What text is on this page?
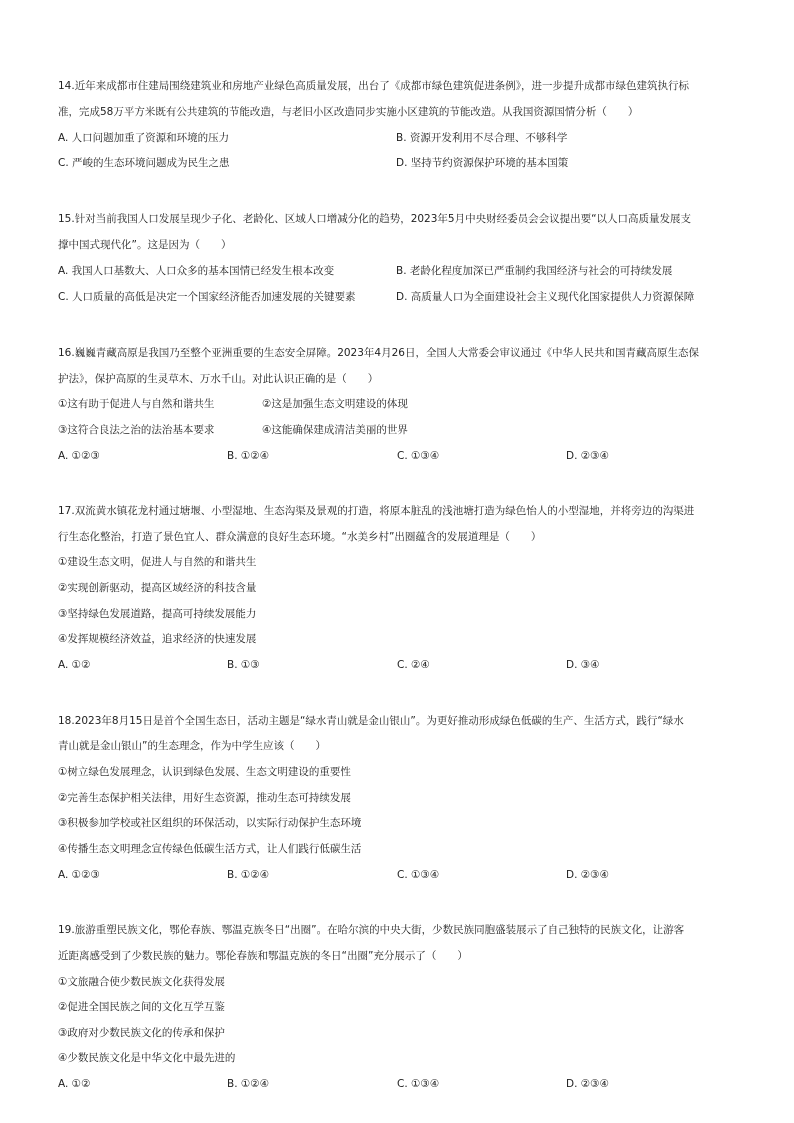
14.近年来成都市住建局围绕建筑业和房地产业绿色高质量发展，出台了《成都市绿色建筑促进条例》，进一步提升成都市绿色建筑执行标
准，完成58万平方米既有公共建筑的节能改造，与老旧小区改造同步实施小区建筑的节能改造。从我国资源国情分析（　　）
A. 人口问题加重了资源和环境的压力	B. 资源开发利用不尽合理、不够科学
C. 严峻的生态环境问题成为民生之患	D. 坚持节约资源保护环境的基本国策
15.针对当前我国人口发展呈现少子化、老龄化、区域人口增减分化的趋势，2023年5月中央财经委员会会议提出要“以人口高质量发展支
撑中国式现代化”。这是因为（　　）
A. 我国人口基数大、人口众多的基本国情已经发生根本改变	B. 老龄化程度加深已严重制约我国经济与社会的可持续发展
C. 人口质量的高低是决定一个国家经济能否加速发展的关键要素	D. 高质量人口为全面建设社会主义现代化国家提供人力资源保障
16.巍巍青藏高原是我国乃至整个亚洲重要的生态安全屏障。2023年4月26日，全国人大常委会审议通过《中华人民共和国青藏高原生态保
护法》，保护高原的生灵草木、万水千山。对此认识正确的是（　　）
①这有助于促进人与自然和谐共生	②这是加强生态文明建设的体现
③这符合良法之治的法治基本要求	④这能确保建成清洁美丽的世界
A. ①②③	B. ①②④	C. ①③④	D. ②③④
17.双流黄水镇花龙村通过塘堰、小型湿地、生态沟渠及景观的打造，将原本脏乱的浅池塘打造为绿色怡人的小型湿地，并将旁边的沟渠进
行生态化整治，打造了景色宜人、群众满意的良好生态环境。“水美乡村”出圈蕴含的发展道理是（　　）
①建设生态文明，促进人与自然的和谐共生
②实现创新驱动，提高区域经济的科技含量
③坚持绿色发展道路，提高可持续发展能力
④发挥规模经济效益，追求经济的快速发展
A. ①②	B. ①③	C. ②④	D. ③④
18.2023年8月15日是首个全国生态日，活动主题是“绿水青山就是金山银山”。为更好推动形成绿色低碳的生产、生活方式，践行“绿水
青山就是金山银山”的生态理念，作为中学生应该（　　）
①树立绿色发展理念，认识到绿色发展、生态文明建设的重要性
②完善生态保护相关法律，用好生态资源，推动生态可持续发展
③积极参加学校或社区组织的环保活动，以实际行动保护生态环境
④传播生态文明理念宣传绿色低碳生活方式，让人们践行低碳生活
A. ①②③	B. ①②④	C. ①③④	D. ②③④
19.旅游重塑民族文化，鄂伦春族、鄂温克族冬日“出圈”。在哈尔滨的中央大街，少数民族同胞盛装展示了自己独特的民族文化，让游客
近距离感受到了少数民族的魅力。鄂伦春族和鄂温克族的冬日“出圈”充分展示了（　　）
①文旅融合使少数民族文化获得发展
②促进全国民族之间的文化互学互鉴
③政府对少数民族文化的传承和保护
④少数民族文化是中华文化中最先进的
A. ①②	B. ①②④	C. ①③④	D. ②③④
